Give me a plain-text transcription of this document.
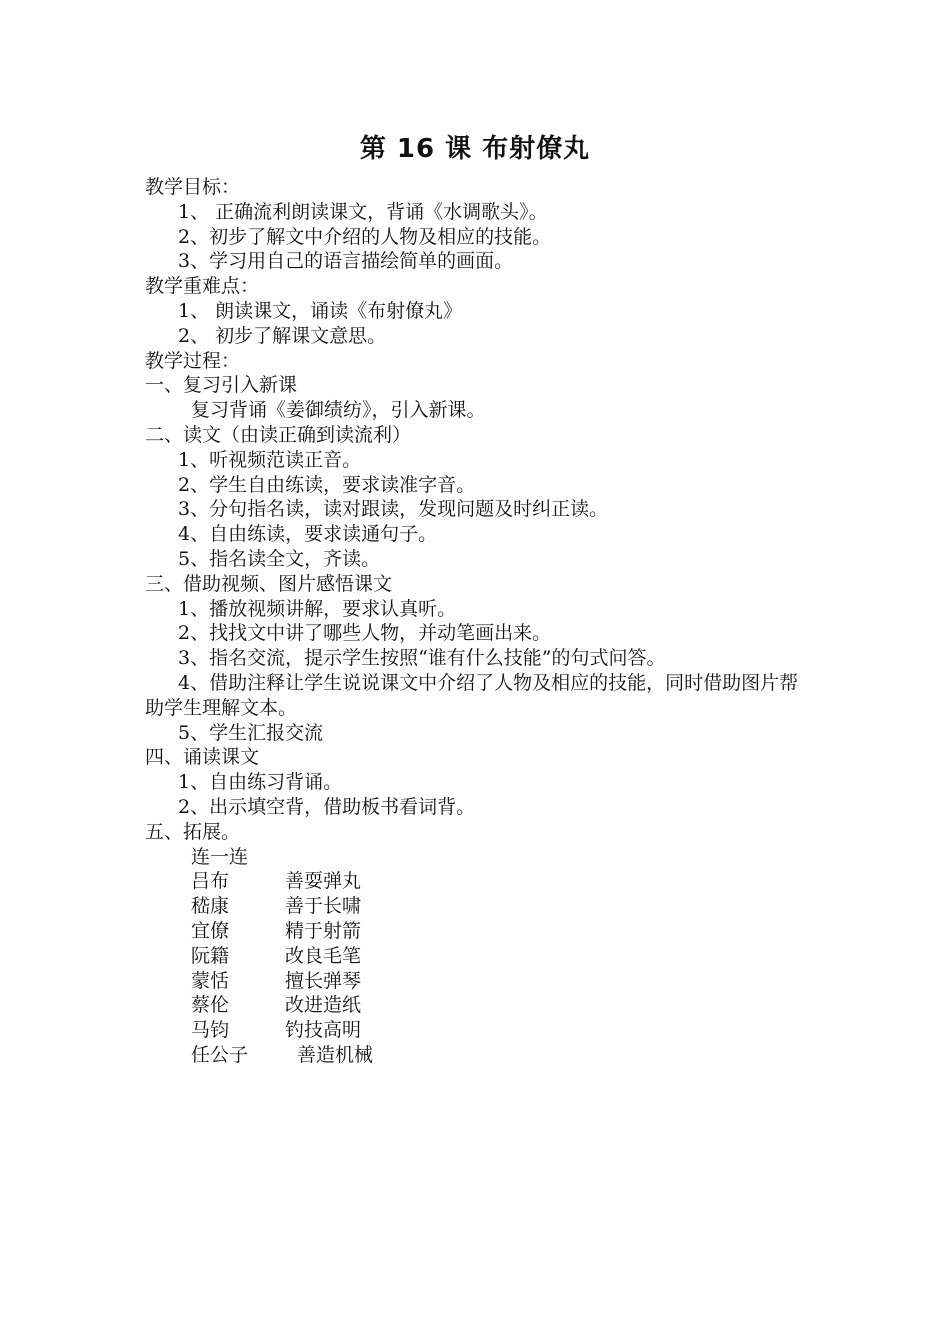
第 16 课 布射僚丸
教学目标：
1、 正确流利朗读课文，背诵《水调歌头》。
2、初步了解文中介绍的人物及相应的技能。
3、学习用自己的语言描绘简单的画面。
教学重难点：
1、 朗读课文，诵读《布射僚丸》
2、 初步了解课文意思。
教学过程：
一、复习引入新课
复习背诵《姜御绩纺》，引入新课。
二、读文（由读正确到读流利）
1、听视频范读正音。
2、学生自由练读，要求读准字音。
3、分句指名读，读对跟读，发现问题及时纠正读。
4、自由练读，要求读通句子。
5、指名读全文，齐读。
三、借助视频、图片感悟课文
1、播放视频讲解，要求认真听。
2、找找文中讲了哪些人物，并动笔画出来。
3、指名交流，提示学生按照“谁有什么技能”的句式问答。
4、借助注释让学生说说课文中介绍了人物及相应的技能，同时借助图片帮助学生理解文本。
5、学生汇报交流
四、诵读课文
1、自由练习背诵。
2、出示填空背，借助板书看词背。
五、拓展。
连一连
吕布	善耍弹丸
嵇康	善于长啸
宜僚	精于射箭
阮籍	改良毛笔
蒙恬	擅长弹琴
蔡伦	改进造纸
马钧	钓技高明
任公子	善造机械
